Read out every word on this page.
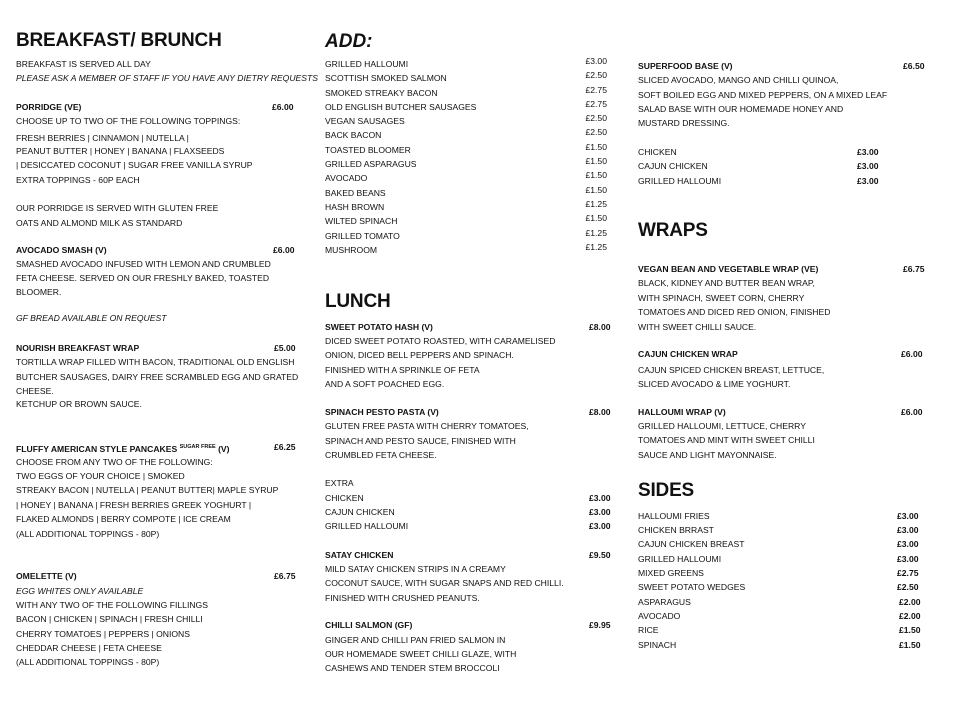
BREAKFAST/ BRUNCH
BREAKFAST IS SERVED ALL DAY
PLEASE ASK A MEMBER OF STAFF IF YOU HAVE ANY DIETRY REQUESTS
PORRIDGE (VE)	£6.00
CHOOSE UP TO TWO OF THE FOLLOWING TOPPINGS:
FRESH BERRIES | CINNAMON | NUTELLA |
PEANUT BUTTER | HONEY | BANANA | FLAXSEEDS
| DESICCATED COCONUT | SUGAR FREE VANILLA SYRUP
EXTRA TOPPINGS - 60P EACH
OUR PORRIDGE IS SERVED WITH GLUTEN FREE
OATS AND ALMOND MILK AS STANDARD
AVOCADO SMASH (V)	£6.00
SMASHED AVOCADO INFUSED WITH LEMON AND CRUMBLED
FETA CHEESE. SERVED ON OUR FRESHLY BAKED, TOASTED
BLOOMER.
GF BREAD AVAILABLE ON REQUEST
NOURISH BREAKFAST WRAP	£5.00
TORTILLA WRAP FILLED WITH BACON, TRADITIONAL OLD ENGLISH
BUTCHER SAUSAGES, DAIRY FREE SCRAMBLED EGG AND GRATED
CHEESE.
KETCHUP OR BROWN SAUCE.
FLUFFY AMERICAN STYLE PANCAKES $^{SUGAR FREE}$ (V)	£6.25
CHOOSE FROM ANY TWO OF THE FOLLOWING:
TWO EGGS OF YOUR CHOICE | SMOKED
STREAKY BACON | NUTELLA | PEANUT BUTTER| MAPLE SYRUP
| HONEY | BANANA | FRESH BERRIES GREEK YOGHURT |
FLAKED ALMONDS | BERRY COMPOTE | ICE CREAM
(ALL ADDITIONAL TOPPINGS - 80P)
OMELETTE (V)	£6.75
EGG WHITES ONLY AVAILABLE
WITH ANY TWO OF THE FOLLOWING FILLINGS
BACON | CHICKEN | SPINACH | FRESH CHILLI
CHERRY TOMATOES | PEPPERS | ONIONS
CHEDDAR CHEESE | FETA CHEESE
(ALL ADDITIONAL TOPPINGS - 80P)
ADD:
GRILLED HALLOUMI	£3.00
SCOTTISH SMOKED SALMON	£2.50
SMOKED STREAKY BACON	£2.75
OLD ENGLISH BUTCHER SAUSAGES	£2.75
VEGAN SAUSAGES	£2.50
BACK BACON	£2.50
TOASTED BLOOMER	£1.50
GRILLED ASPARAGUS	£1.50
AVOCADO	£1.50
BAKED BEANS	£1.50
HASH BROWN	£1.25
WILTED SPINACH	£1.50
GRILLED TOMATO	£1.25
MUSHROOM	£1.25
LUNCH
SWEET POTATO HASH (V)	£8.00
DICED SWEET POTATO ROASTED, WITH CARAMELISED
ONION, DICED BELL PEPPERS AND SPINACH.
FINISHED WITH A SPRINKLE OF FETA
AND A SOFT POACHED EGG.
SPINACH PESTO PASTA (V)	£8.00
GLUTEN FREE PASTA WITH CHERRY TOMATOES,
SPINACH AND PESTO SAUCE, FINISHED WITH
CRUMBLED FETA CHEESE.
EXTRA
CHICKEN	£3.00
CAJUN CHICKEN	£3.00
GRILLED HALLOUMI	£3.00
SATAY CHICKEN	£9.50
MILD SATAY CHICKEN STRIPS IN A CREAMY
COCONUT SAUCE, WITH SUGAR SNAPS AND RED CHILLI.
FINISHED WITH CRUSHED PEANUTS.
CHILLI SALMON (GF)	£9.95
GINGER AND CHILLI PAN FRIED SALMON IN
OUR HOMEMADE SWEET CHILLI GLAZE, WITH
CASHEWS AND TENDER STEM BROCCOLI
SUPERFOOD BASE (V)	£6.50
SLICED AVOCADO, MANGO AND CHILLI QUINOA,
SOFT BOILED EGG AND MIXED PEPPERS, ON A MIXED LEAF
SALAD BASE WITH OUR HOMEMADE HONEY AND
MUSTARD DRESSING.
CHICKEN	£3.00
CAJUN CHICKEN	£3.00
GRILLED HALLOUMI	£3.00
WRAPS
VEGAN BEAN AND VEGETABLE WRAP (VE)	£6.75
BLACK, KIDNEY AND BUTTER BEAN WRAP,
WITH SPINACH, SWEET CORN, CHERRY
TOMATOES AND DICED RED ONION, FINISHED
WITH SWEET CHILLI SAUCE.
CAJUN CHICKEN WRAP	£6.00
CAJUN SPICED CHICKEN BREAST, LETTUCE,
SLICED AVOCADO & LIME YOGHURT.
HALLOUMI WRAP (V)	£6.00
GRILLED HALLOUMI, LETTUCE, CHERRY
TOMATOES AND MINT WITH SWEET CHILLI
SAUCE AND LIGHT MAYONNAISE.
SIDES
HALLOUMI FRIES	£3.00
CHICKEN BRRAST	£3.00
CAJUN CHICKEN BREAST	£3.00
GRILLED HALLOUMI	£3.00
MIXED GREENS	£2.75
SWEET POTATO WEDGES	£2.50
ASPARAGUS	£2.00
AVOCADO	£2.00
RICE	£1.50
SPINACH	£1.50
